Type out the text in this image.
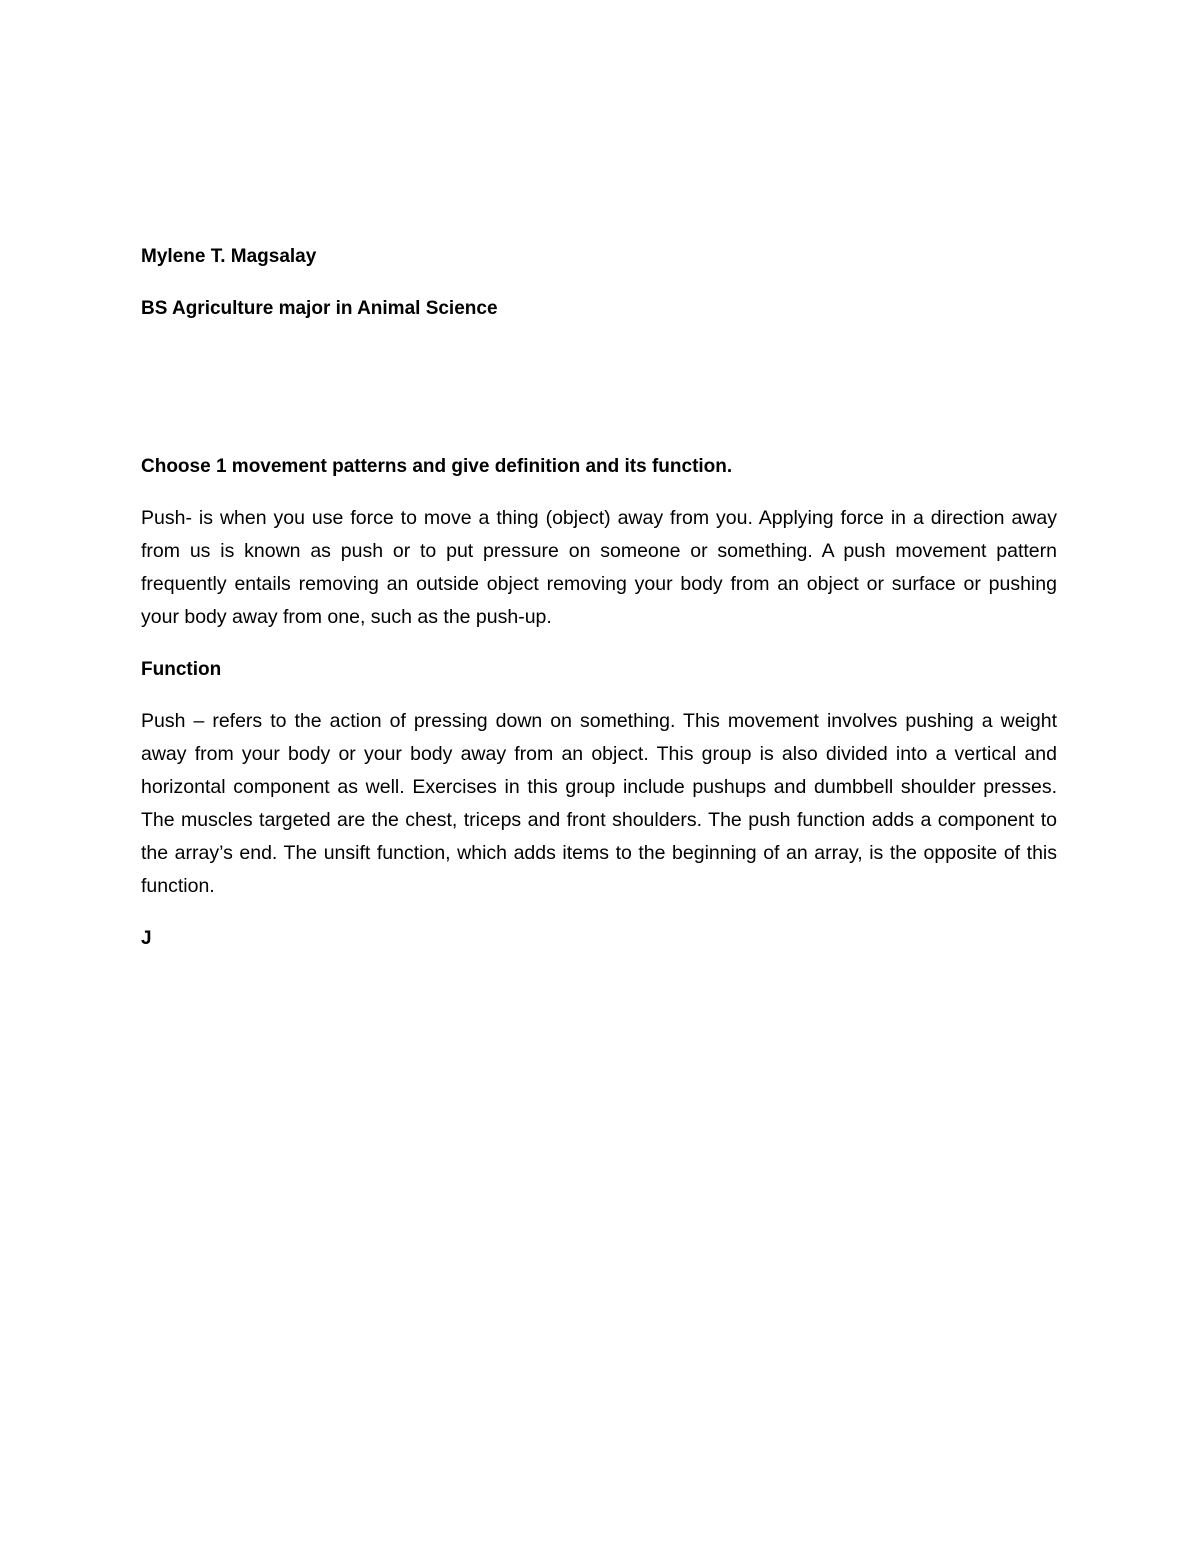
Mylene T. Magsalay

BS Agriculture major in Animal Science

Choose 1 movement patterns and give definition and its function.

Push- is when you use force to move a thing (object) away from you. Applying force in a direction away from us is known as push or to put pressure on someone or something. A push movement pattern frequently entails removing an outside object removing your body from an object or surface or pushing your body away from one, such as the push-up.

Function

Push – refers to the action of pressing down on something. This movement involves pushing a weight away from your body or your body away from an object. This group is also divided into a vertical and horizontal component as well. Exercises in this group include pushups and dumbbell shoulder presses. The muscles targeted are the chest, triceps and front shoulders. The push function adds a component to the array’s end. The unsift function, which adds items to the beginning of an array, is the opposite of this function.

J
